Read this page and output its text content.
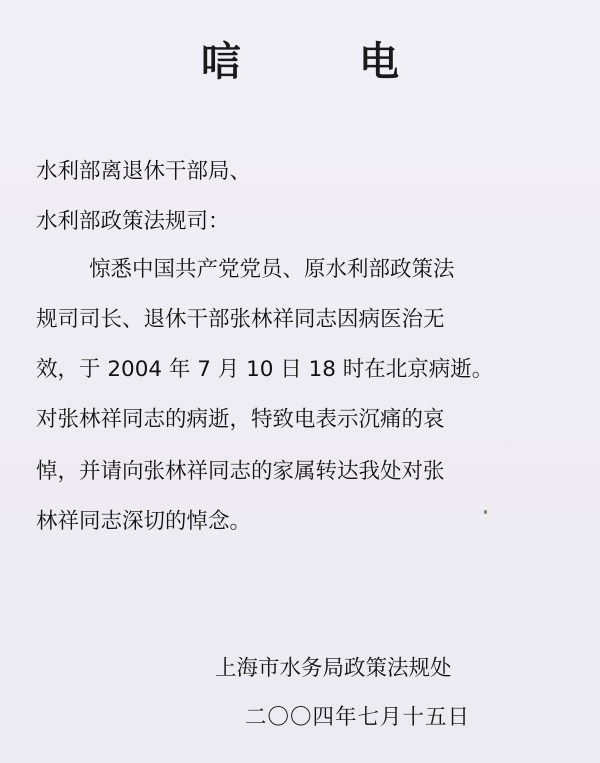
唁 电
水利部离退休干部局、
水利部政策法规司：
惊悉中国共产党党员、原水利部政策法
规司司长、退休干部张林祥同志因病医治无
效，于 2004 年 7 月 10 日 18 时在北京病逝。
对张林祥同志的病逝，特致电表示沉痛的哀
悼，并请向张林祥同志的家属转达我处对张
林祥同志深切的悼念。
上海市水务局政策法规处
二〇〇四年七月十五日
